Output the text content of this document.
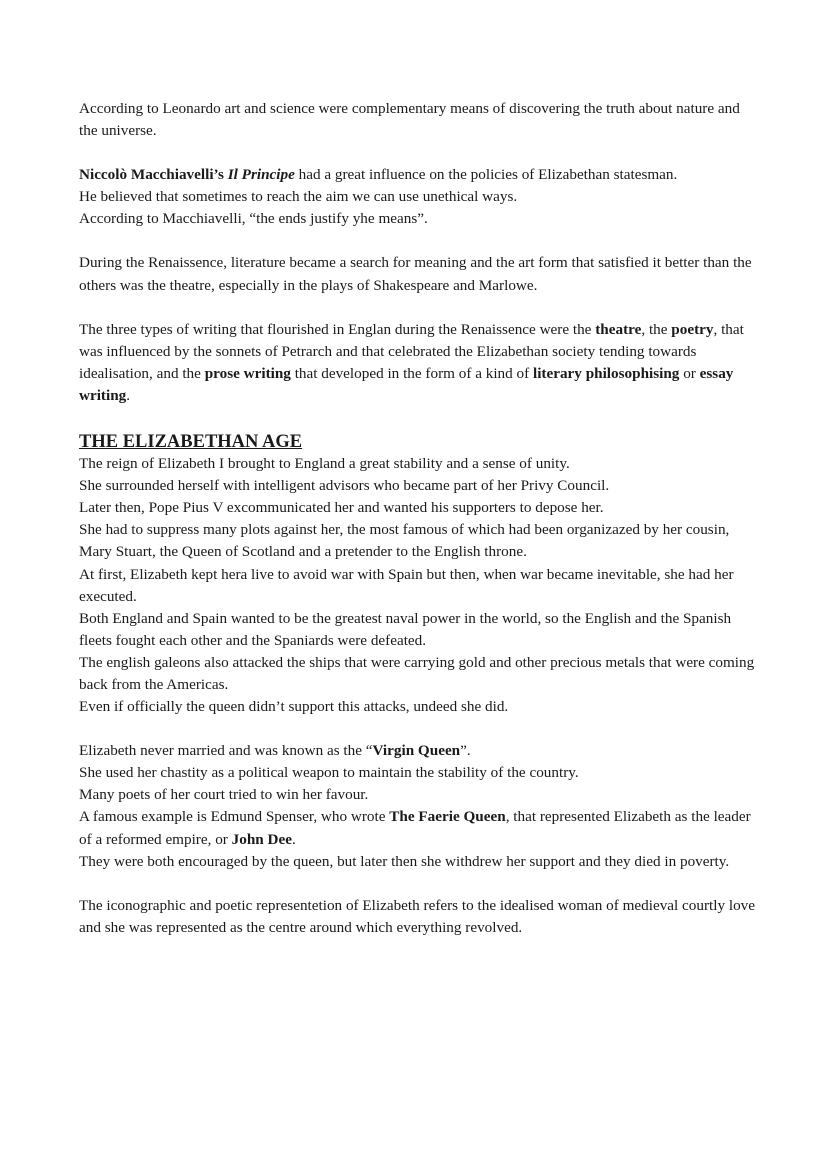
According to Leonardo art and science were complementary means of discovering the truth about nature and the universe.

Niccolò Macchiavelli’s Il Principe had a great influence on the policies of Elizabethan statesman.

He believed that sometimes to reach the aim we can use unethical ways.

According to Macchiavelli, “the ends justify yhe means”.

During the Renaissence, literature became a search for meaning and the art form that satisfied it better than the others was the theatre, especially in the plays of Shakespeare and Marlowe.

The three types of writing that flourished in Englan during the Renaissence were the theatre, the poetry, that was influenced by the sonnets of Petrarch and that celebrated the Elizabethan society tending towards idealisation, and the prose writing that developed in the form of a kind of literary philosophising or essay writing.

THE ELIZABETHAN AGE

The reign of Elizabeth I brought to England a great stability and a sense of unity.

She surrounded herself with intelligent advisors who became part of her Privy Council.

Later then, Pope Pius V excommunicated her and wanted his supporters to depose her.

She had to suppress many plots against her, the most famous of which had been organizazed by her cousin, Mary Stuart, the Queen of Scotland and a pretender to the English throne.

At first, Elizabeth kept hera live to avoid war with Spain but then, when war became inevitable, she had her executed.

Both England and Spain wanted to be the greatest naval power in the world, so the English and the Spanish fleets fought each other and the Spaniards were defeated.

The english galeons also attacked the ships that were carrying gold and other precious metals that were coming back from the Americas.

Even if officially the queen didn’t support this attacks, undeed she did.

Elizabeth never married and was known as the “Virgin Queen”.

She used her chastity as a political weapon to maintain the stability of the country.

Many poets of her court tried to win her favour.

A famous example is Edmund Spenser, who wrote The Faerie Queen, that represented Elizabeth as the leader of a reformed empire, or John Dee.

They were both encouraged by the queen, but later then she withdrew her support and they died in poverty.

The iconographic and poetic representetion of Elizabeth refers to the idealised woman of medieval courtly love and she was represented as the centre around which everything revolved.
